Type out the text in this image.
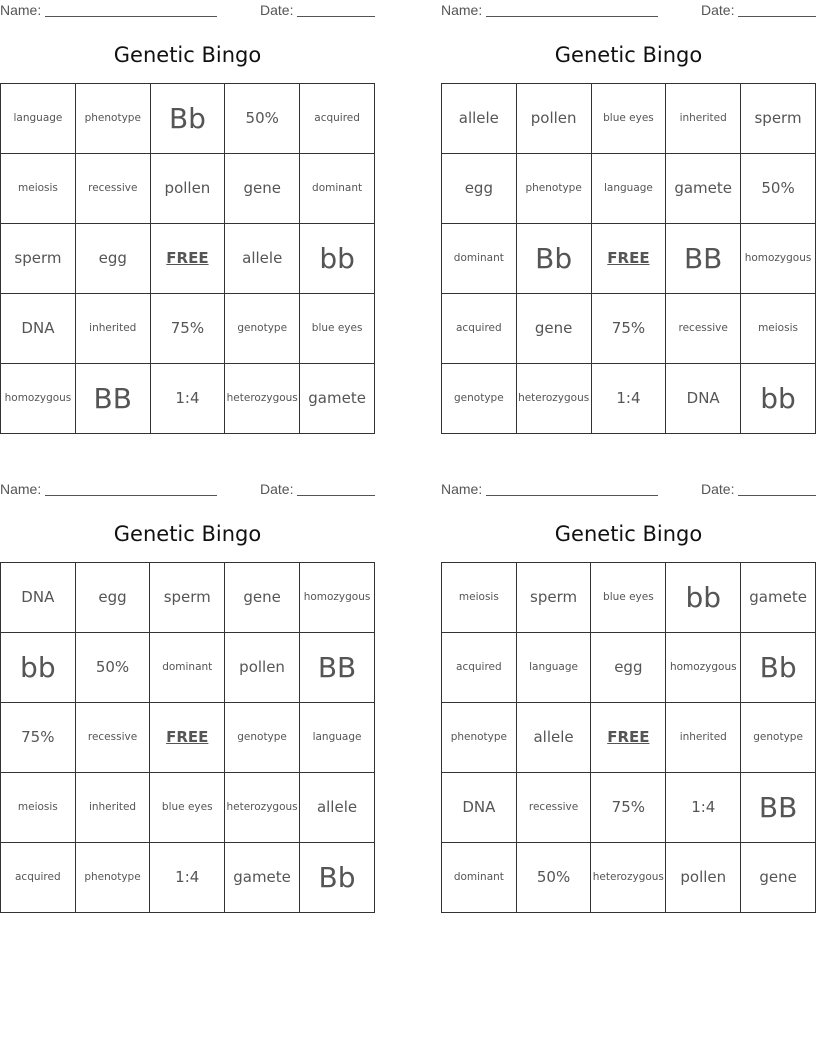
Name:	Date:
Genetic Bingo
language	phenotype	Bb	50%	acquired
meiosis	recessive	pollen	gene	dominant
sperm	egg	FREE	allele	bb
DNA	inherited	75%	genotype	blue eyes
homozygous	BB	1:4	heterozygous	gamete
Name:	Date:
Genetic Bingo
allele	pollen	blue eyes	inherited	sperm
egg	phenotype	language	gamete	50%
dominant	Bb	FREE	BB	homozygous
acquired	gene	75%	recessive	meiosis
genotype	heterozygous	1:4	DNA	bb
Name:	Date:
Genetic Bingo
DNA	egg	sperm	gene	homozygous
bb	50%	dominant	pollen	BB
75%	recessive	FREE	genotype	language
meiosis	inherited	blue eyes	heterozygous	allele
acquired	phenotype	1:4	gamete	Bb
Name:	Date:
Genetic Bingo
meiosis	sperm	blue eyes	bb	gamete
acquired	language	egg	homozygous	Bb
phenotype	allele	FREE	inherited	genotype
DNA	recessive	75%	1:4	BB
dominant	50%	heterozygous	pollen	gene
